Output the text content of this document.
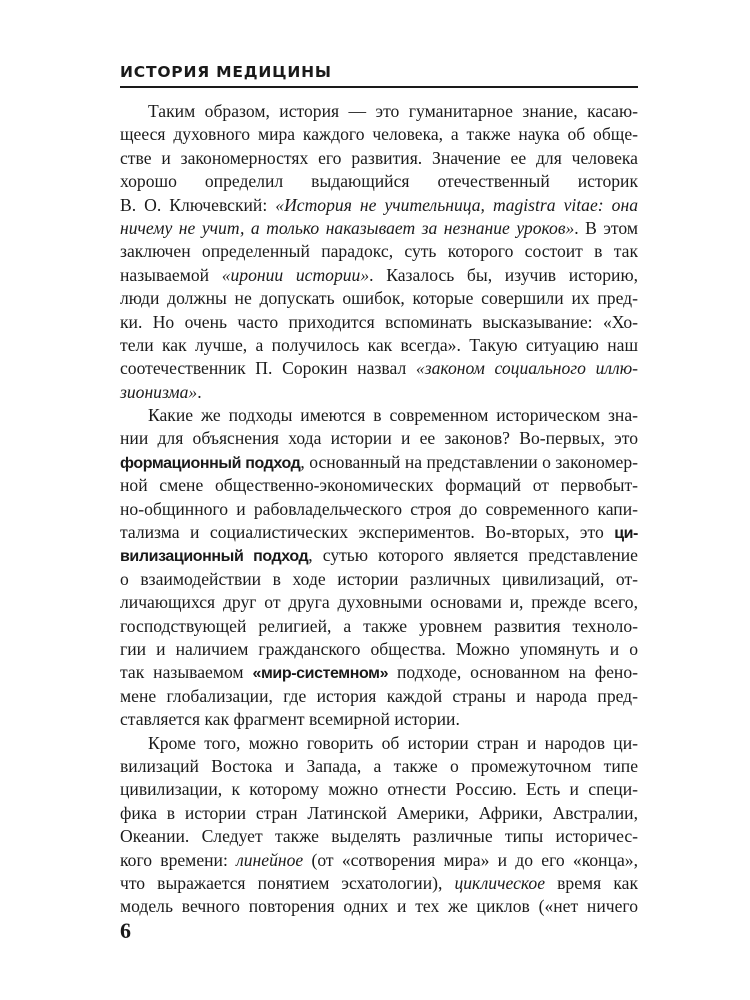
ИСТОРИЯ МЕДИЦИНЫ
Таким образом, история — это гуманитарное знание, касаю-
щееся духовного мира каждого человека, а также наука об обще-
стве и закономерностях его развития. Значение ее для человека
хорошо определил выдающийся отечественный историк
В. О. Ключевский: «История не учительница, magistra vitae: она
ничему не учит, а только наказывает за незнание уроков». В этом
заключен определенный парадокс, суть которого состоит в так
называемой «иронии истории». Казалось бы, изучив историю,
люди должны не допускать ошибок, которые совершили их пред-
ки. Но очень часто приходится вспоминать высказывание: «Хо-
тели как лучше, а получилось как всегда». Такую ситуацию наш
соотечественник П. Сорокин назвал «законом социального иллю-
зионизма».
Какие же подходы имеются в современном историческом зна-
нии для объяснения хода истории и ее законов? Во-первых, это
формационный подход, основанный на представлении о закономер-
ной смене общественно-экономических формаций от первобыт-
но-общинного и рабовладельческого строя до современного капи-
тализма и социалистических экспериментов. Во-вторых, это ци-
вилизационный подход, сутью которого является представление
о взаимодействии в ходе истории различных цивилизаций, от-
личающихся друг от друга духовными основами и, прежде всего,
господствующей религией, а также уровнем развития техноло-
гии и наличием гражданского общества. Можно упомянуть и о
так называемом «мир-системном» подходе, основанном на фено-
мене глобализации, где история каждой страны и народа пред-
ставляется как фрагмент всемирной истории.
Кроме того, можно говорить об истории стран и народов ци-
вилизаций Востока и Запада, а также о промежуточном типе
цивилизации, к которому можно отнести Россию. Есть и специ-
фика в истории стран Латинской Америки, Африки, Австралии,
Океании. Следует также выделять различные типы историчес-
кого времени: линейное (от «сотворения мира» и до его «конца»,
что выражается понятием эсхатологии), циклическое время как
модель вечного повторения одних и тех же циклов («нет ничего
6
